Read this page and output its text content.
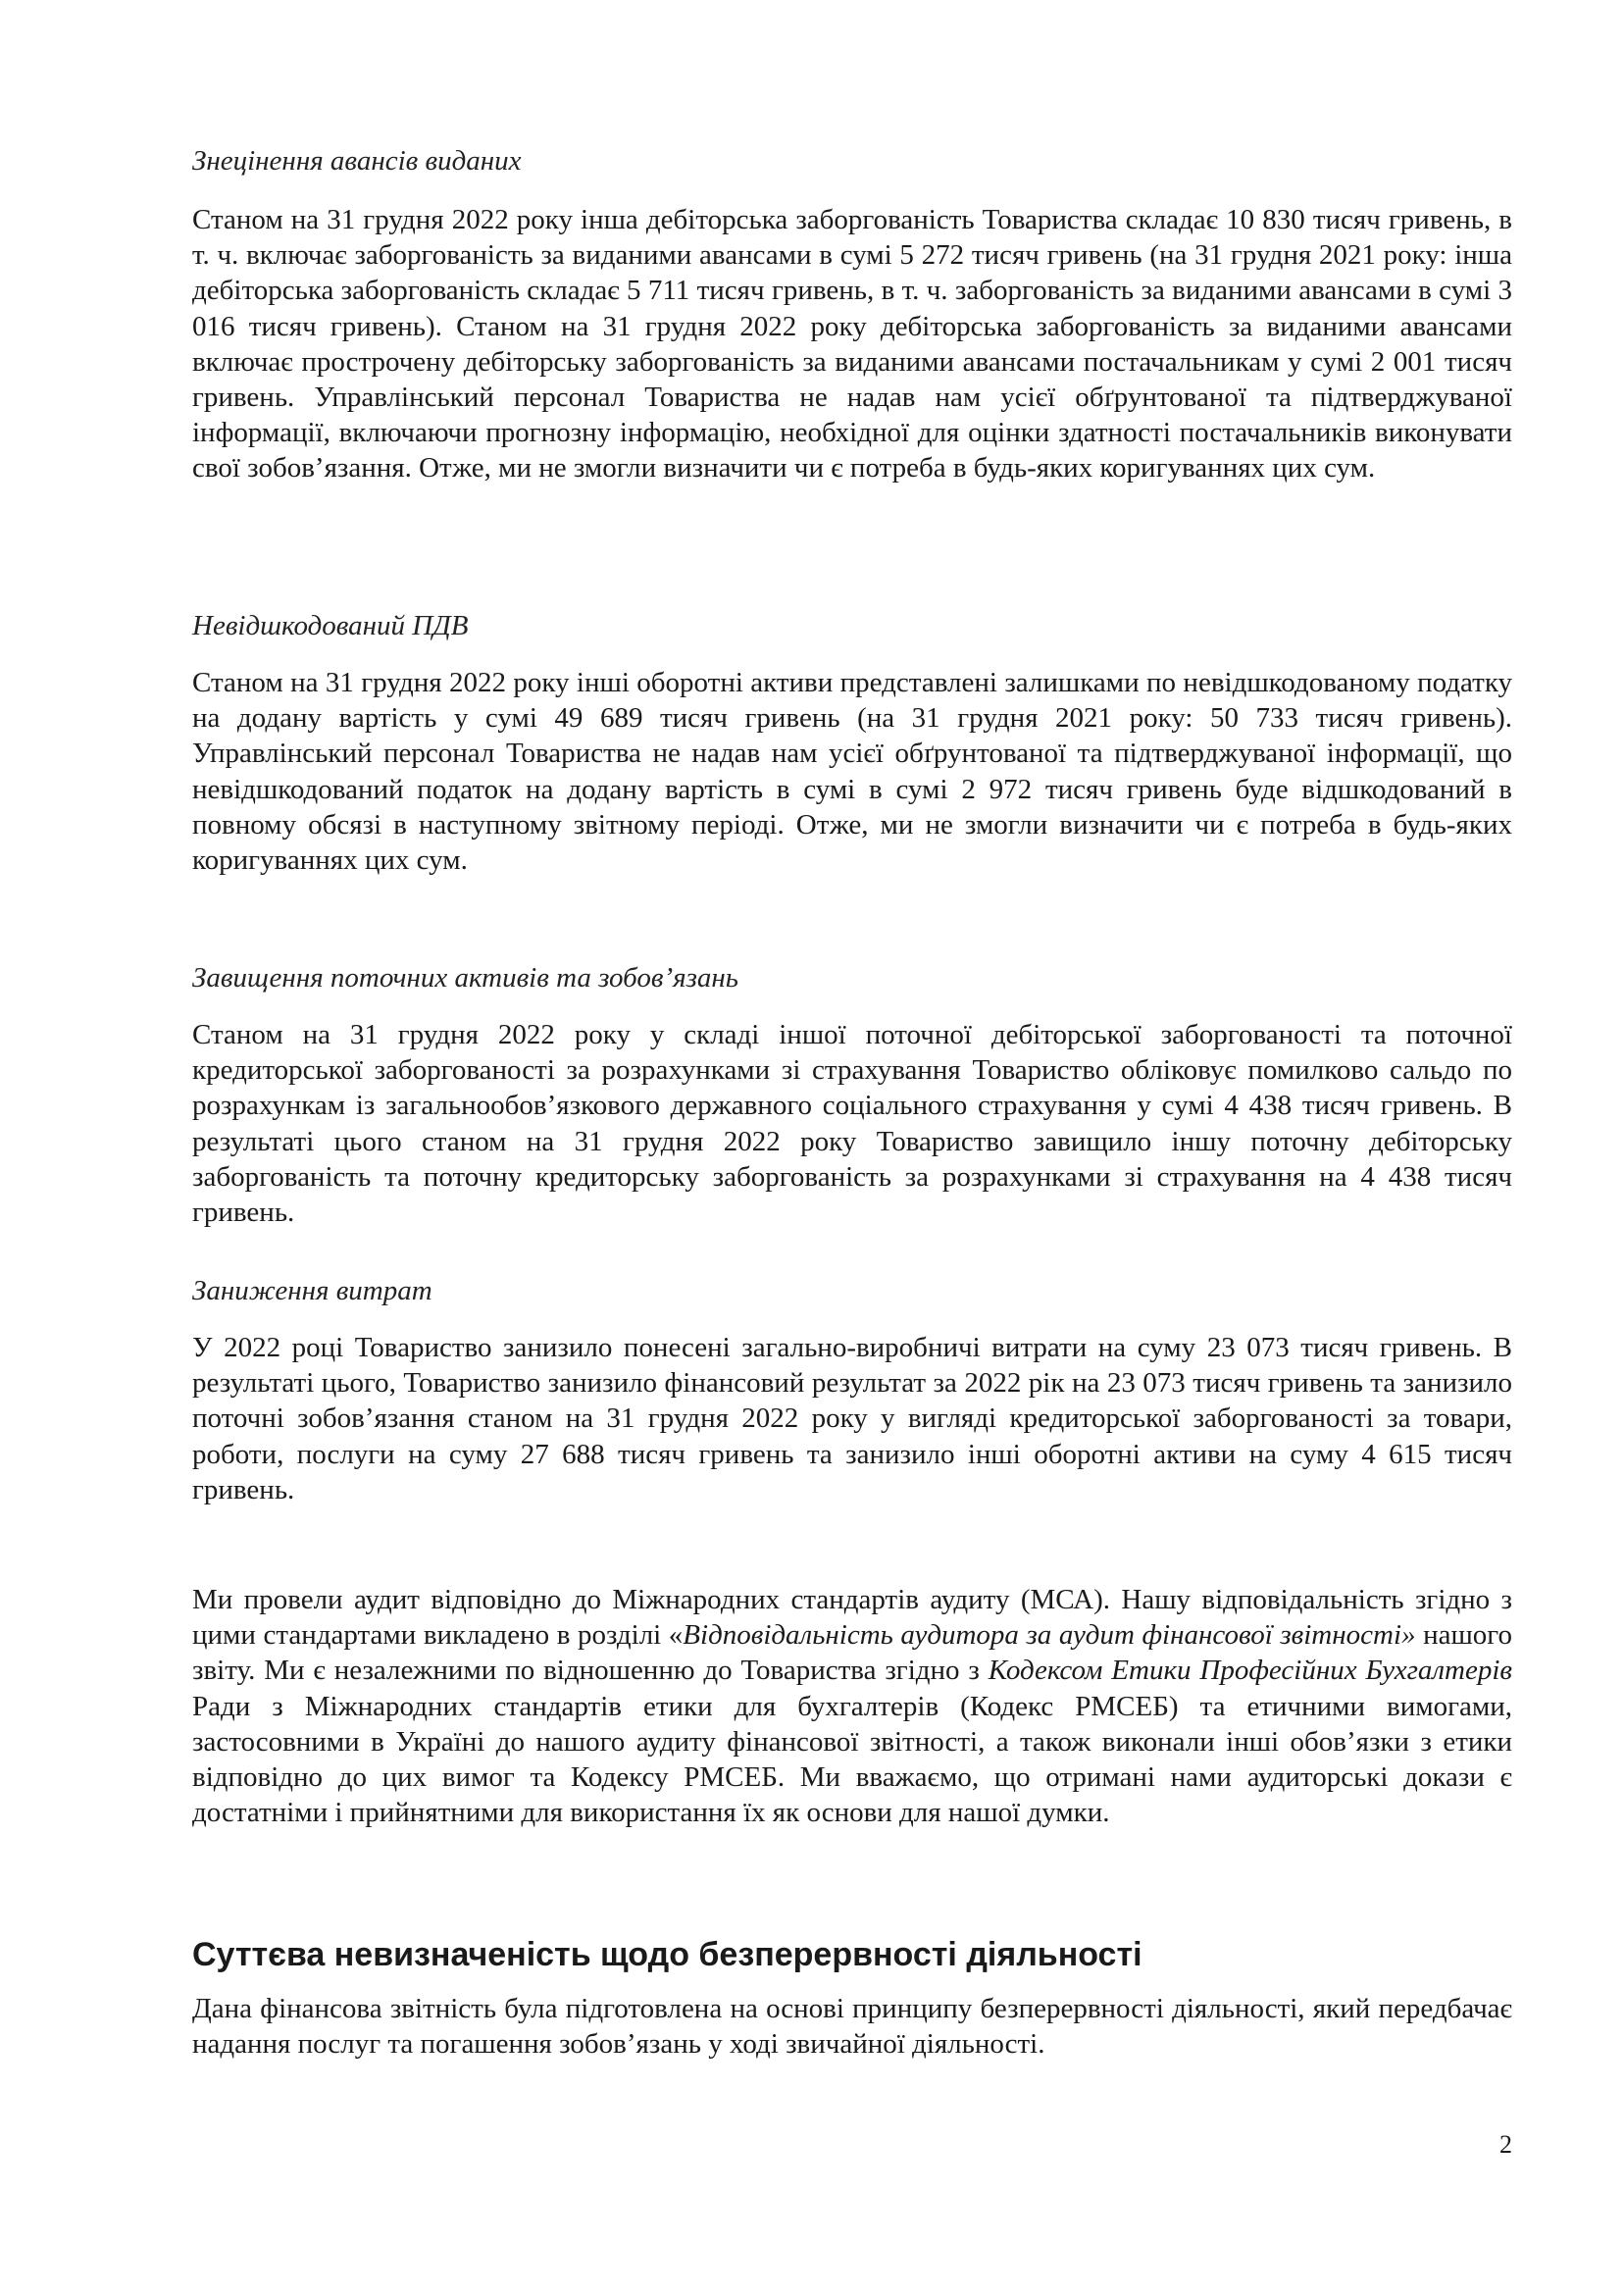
Знецінення авансів виданих

Станом на 31 грудня 2022 року інша дебіторська заборгованість Товариства складає 10 830 тисяч гривень, в т. ч. включає заборгованість за виданими авансами в сумі 5 272 тисяч гривень (на 31 грудня 2021 року: інша дебіторська заборгованість складає 5 711 тисяч гривень, в т. ч. заборгованість за виданими авансами в сумі 3 016 тисяч гривень). Станом на 31 грудня 2022 року дебіторська заборгованість за виданими авансами включає прострочену дебіторську заборгованість за виданими авансами постачальникам у сумі 2 001 тисяч гривень. Управлінський персонал Товариства не надав нам усієї обґрунтованої та підтверджуваної інформації, включаючи прогнозну інформацію, необхідної для оцінки здатності постачальників виконувати свої зобов’язання. Отже, ми не змогли визначити чи є потреба в будь-яких коригуваннях цих сум.

Невідшкодований ПДВ

Станом на 31 грудня 2022 року інші оборотні активи представлені залишками по невідшкодованому податку на додану вартість у сумі 49 689 тисяч гривень (на 31 грудня 2021 року: 50 733 тисяч гривень). Управлінський персонал Товариства не надав нам усієї обґрунтованої та підтверджуваної інформації, що невідшкодований податок на додану вартість в сумі в сумі 2 972 тисяч гривень буде відшкодований в повному обсязі в наступному звітному періоді. Отже, ми не змогли визначити чи є потреба в будь-яких коригуваннях цих сум.

Завищення поточних активів та зобов’язань

Станом на 31 грудня 2022 року у складі іншої поточної дебіторської заборгованості та поточної кредиторської заборгованості за розрахунками зі страхування Товариство обліковує помилково сальдо по розрахункам із загальнообов’язкового державного соціального страхування у сумі 4 438 тисяч гривень. В результаті цього станом на 31 грудня 2022 року Товариство завищило іншу поточну дебіторську заборгованість та поточну кредиторську заборгованість за розрахунками зі страхування на 4 438 тисяч гривень.

Заниження витрат

У 2022 році Товариство занизило понесені загально-виробничі витрати на суму 23 073 тисяч гривень. В результаті цього, Товариство занизило фінансовий результат за 2022 рік на 23 073 тисяч гривень та занизило поточні зобов’язання станом на 31 грудня 2022 року у вигляді кредиторської заборгованості за товари, роботи, послуги на суму 27 688 тисяч гривень та занизило інші оборотні активи на суму 4 615 тисяч гривень.

Ми провели аудит відповідно до Міжнародних стандартів аудиту (МСА). Нашу відповідальність згідно з цими стандартами викладено в розділі «Відповідальність аудитора за аудит фінансової звітності» нашого звіту. Ми є незалежними по відношенню до Товариства згідно з Кодексом Етики Професійних Бухгалтерів Ради з Міжнародних стандартів етики для бухгалтерів (Кодекс РМСЕБ) та етичними вимогами, застосовними в Україні до нашого аудиту фінансової звітності, а також виконали інші обов’язки з етики відповідно до цих вимог та Кодексу РМСЕБ. Ми вважаємо, що отримані нами аудиторські докази є достатніми і прийнятними для використання їх як основи для нашої думки.

Суттєва невизначеність щодо безперервності діяльності

Дана фінансова звітність була підготовлена на основі принципу безперервності діяльності, який передбачає надання послуг та погашення зобов’язань у ході звичайної діяльності.

2
